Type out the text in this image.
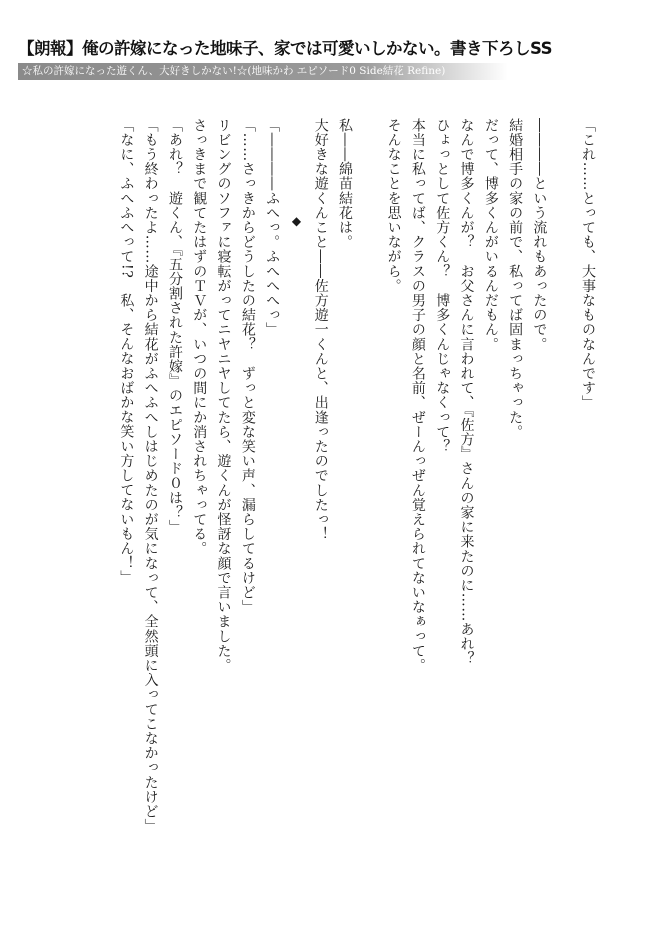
【朗報】俺の許嫁になった地味子、家では可愛いしかない。書き下ろしSS
☆私の許嫁になった遊くん、大好きしかない!☆(地味かわ エピソード0 Side結花 Refine)

「これ……とっても、大事なものなんです」

――――という流れもあったので。

結婚相手の家の前で、私ってば固まっちゃった。

だって、博多くんがいるんだもん。

なんで博多くんが？　お父さんに言われて、『佐方』さんの家に来たのに……あれ？

ひょっとして佐方くん？　博多くんじゃなくって？

本当に私ってば、クラスの男子の顔と名前、ぜーんっぜん覚えられてないなぁって。

そんなことを思いながら。

私――綿苗結花は。

大好きな遊くんこと――佐方遊一くんと、出逢ったのでしたっ！

◆

「――――ふへっ。ふへへへっ」

「……さっきからどうしたの結花？　ずっと変な笑い声、漏らしてるけど」

リビングのソファに寝転がってニヤニヤしてたら、遊くんが怪訝な顔で言いました。

さっきまで観てたはずのＴＶが、いつの間にか消されちゃってる。

「あれ？　遊くん、『五分割された許嫁』のエピソード０は？」

「もう終わったよ……途中から結花がふへふへしはじめたのが気になって、全然頭に入ってこなかったけど」

「なに、ふへふへって!?　私、そんなおばかな笑い方してないもん！」
